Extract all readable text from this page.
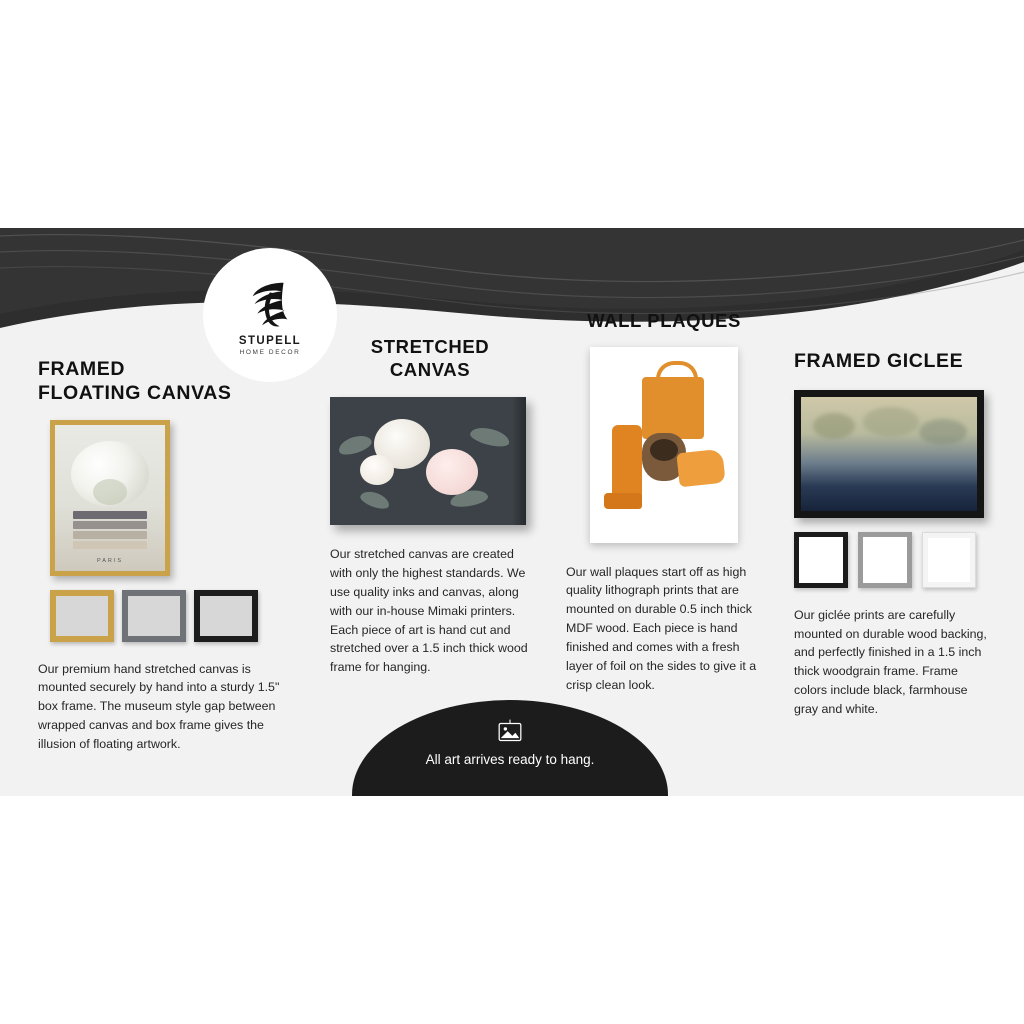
STUPELL
HOME DECOR
FRAMED
FLOATING CANVAS
PARIS
Our premium hand stretched canvas is mounted securely by hand into a sturdy 1.5" box frame. The museum style gap between wrapped canvas and box frame gives the illusion of floating artwork.
STRETCHED
CANVAS
Our stretched canvas are created with only the highest standards. We use quality inks and canvas, along with our in-house Mimaki printers. Each piece of art is hand cut and stretched over a 1.5 inch thick wood frame for hanging.
WALL PLAQUES
Our wall plaques start off as high quality lithograph prints that are mounted on durable 0.5 inch thick MDF wood. Each piece is hand finished and comes with a fresh layer of foil on the sides to give it a crisp clean look.
FRAMED GICLEE
Our giclée prints are carefully mounted on durable wood backing, and perfectly finished in a 1.5 inch thick woodgrain frame. Frame colors include black, farmhouse gray and white.
All art arrives ready to hang.
